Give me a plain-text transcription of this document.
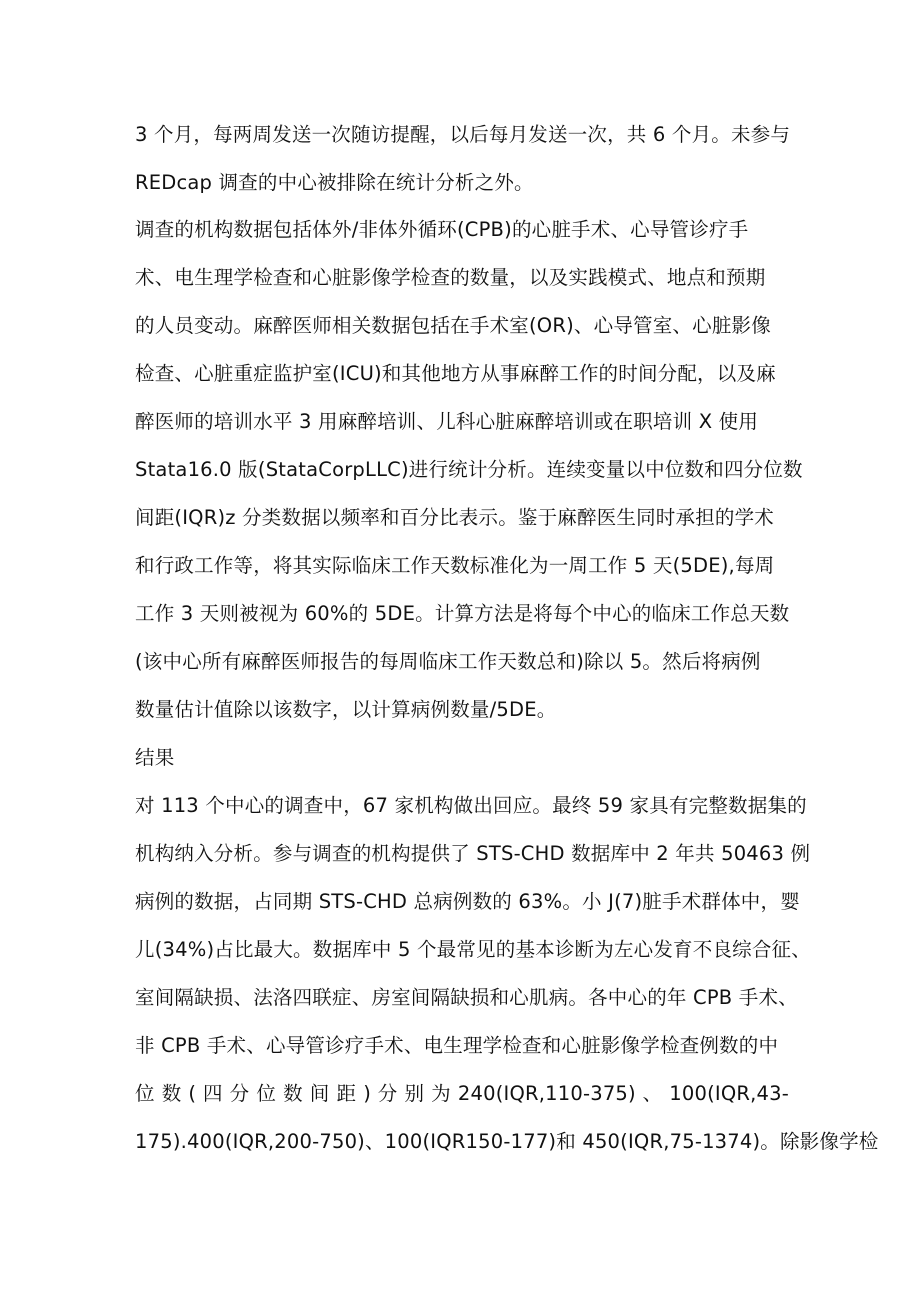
3 个月，每两周发送一次随访提醒，以后每月发送一次，共 6 个月。未参与
REDcap 调查的中心被排除在统计分析之外。
调查的机构数据包括体外/非体外循环(CPB)的心脏手术、心导管诊疗手
术、电生理学检查和心脏影像学检查的数量，以及实践模式、地点和预期
的人员变动。麻醉医师相关数据包括在手术室(OR)、心导管室、心脏影像
检查、心脏重症监护室(ICU)和其他地方从事麻醉工作的时间分配，以及麻
醉医师的培训水平 3 用麻醉培训、儿科心脏麻醉培训或在职培训 X 使用
Stata16.0 版(StataCorpLLC)进行统计分析。连续变量以中位数和四分位数
间距(IQR)z 分类数据以频率和百分比表示。鉴于麻醉医生同时承担的学术
和行政工作等，将其实际临床工作天数标准化为一周工作 5 天(5DE),每周
工作 3 天则被视为 60%的 5DE。计算方法是将每个中心的临床工作总天数
(该中心所有麻醉医师报告的每周临床工作天数总和)除以 5。然后将病例
数量估计值除以该数字，以计算病例数量/5DE。
结果
对 113 个中心的调查中，67 家机构做出回应。最终 59 家具有完整数据集的
机构纳入分析。参与调查的机构提供了 STS-CHD 数据库中 2 年共 50463 例
病例的数据，占同期 STS-CHD 总病例数的 63%。小 J(7)脏手术群体中，婴
儿(34%)占比最大。数据库中 5 个最常见的基本诊断为左心发育不良综合征、
室间隔缺损、法洛四联症、房室间隔缺损和心肌病。各中心的年 CPB 手术、
非 CPB 手术、心导管诊疗手术、电生理学检查和心脏影像学检查例数的中
位 数 ( 四 分 位 数 间 距 ) 分 别 为 240(IQR,110-375) 、 100(IQR,43-
175).400(IQR,200-750)、100(IQR150-177)和 450(IQR,75-1374)。除影像学检
